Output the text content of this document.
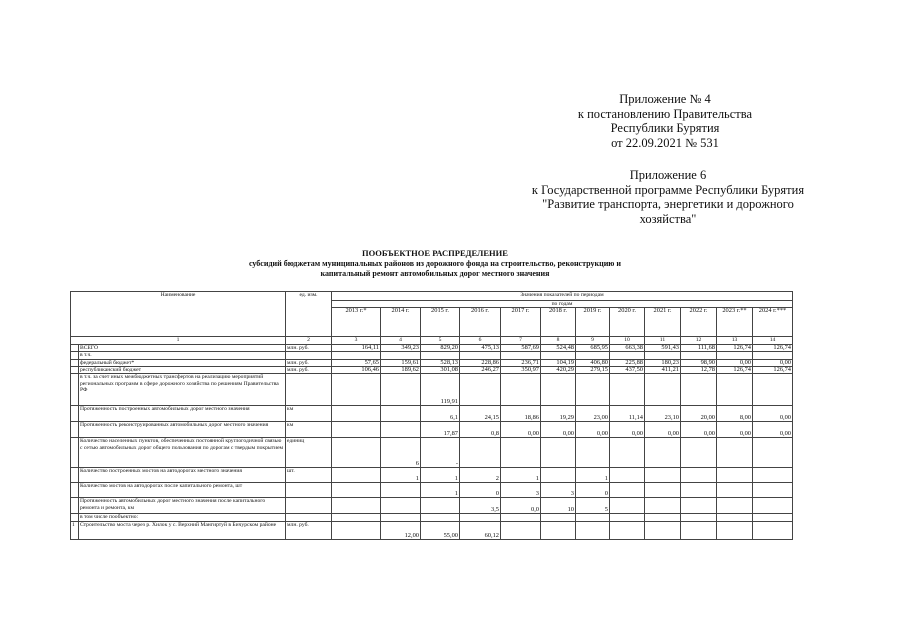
Приложение № 4
к постановлению Правительства
Республики Бурятия
от 22.09.2021 № 531
Приложение 6
к Государственной программе Республики Бурятия
"Развитие транспорта, энергетики и дорожного
хозяйства"
ПООБЪЕКТНОЕ РАСПРЕДЕЛЕНИЕ
субсидий бюджетам муниципальных районов из дорожного фонда на строительство, реконструкцию и
капитальный ремонт автомобильных дорог местного значения
Наименование		ед. изм.	Значения показателей по периодам											
			по годам											
			2013 г.*	2014 г.	2015 г.	2016 г.	2017 г.	2018 г.	2019 г.	2020 г.	2021 г.	2022 г.	2023 г.**	2024 г.***
1		2	3	4	5	6	7	8	9	10	11	12	13	14
	ВСЕГО	млн. руб.	164,11	349,23	829,20	475,13	587,69	524,48	685,95	663,38	591,43	111,68	126,74	126,74
	в т.ч.													
	федеральный бюджет*	млн. руб.	57,65	159,61	528,13	228,86	236,71	104,19	406,80	225,88	180,23	98,90	0,00	0,00
	республиканский бюджет	млн. руб.	106,46	189,62	301,08	246,27	350,97	420,29	279,15	437,50	411,21	12,78	126,74	126,74
	в т.ч. за счет иных межбюджетных трансфертов на реализацию мероприятий региональных программ в сфере дорожного хозяйства по решениям Правительства РФ				119,91									
	Протяженность построенных автомобильных дорог местного значения	км			6,1	24,15	18,86	19,29	23,00	11,14	23,10	20,00	8,00	0,00
	Протяженность реконструированных автомобильных дорог местного значения	км			17,87	0,8	0,00	0,00	0,00	0,00	0,00	0,00	0,00	0,00
	Количество населенных пунктов, обеспеченных постоянной круглогодичной связью с сетью автомобильных дорог общего пользования по дорогам с твердым покрытием	единиц		6	-									
	Количество построенных мостов на автодорогах местного значения	шт.		1	1	2	1		1					
	Количество мостов на автодорогах после капитального ремонта, шт				1	0	3	3	0					
	Протяженность автомобильных дорог местного значения после капитального ремонта и ремонта, км					3,5	0,0	10	5					
	в том числе пообъектно:													
1	Строительство моста через р. Хилок у с. Верхний Мангиртуй в Бичурском районе	млн. руб.		12,00	55,00	60,12								
